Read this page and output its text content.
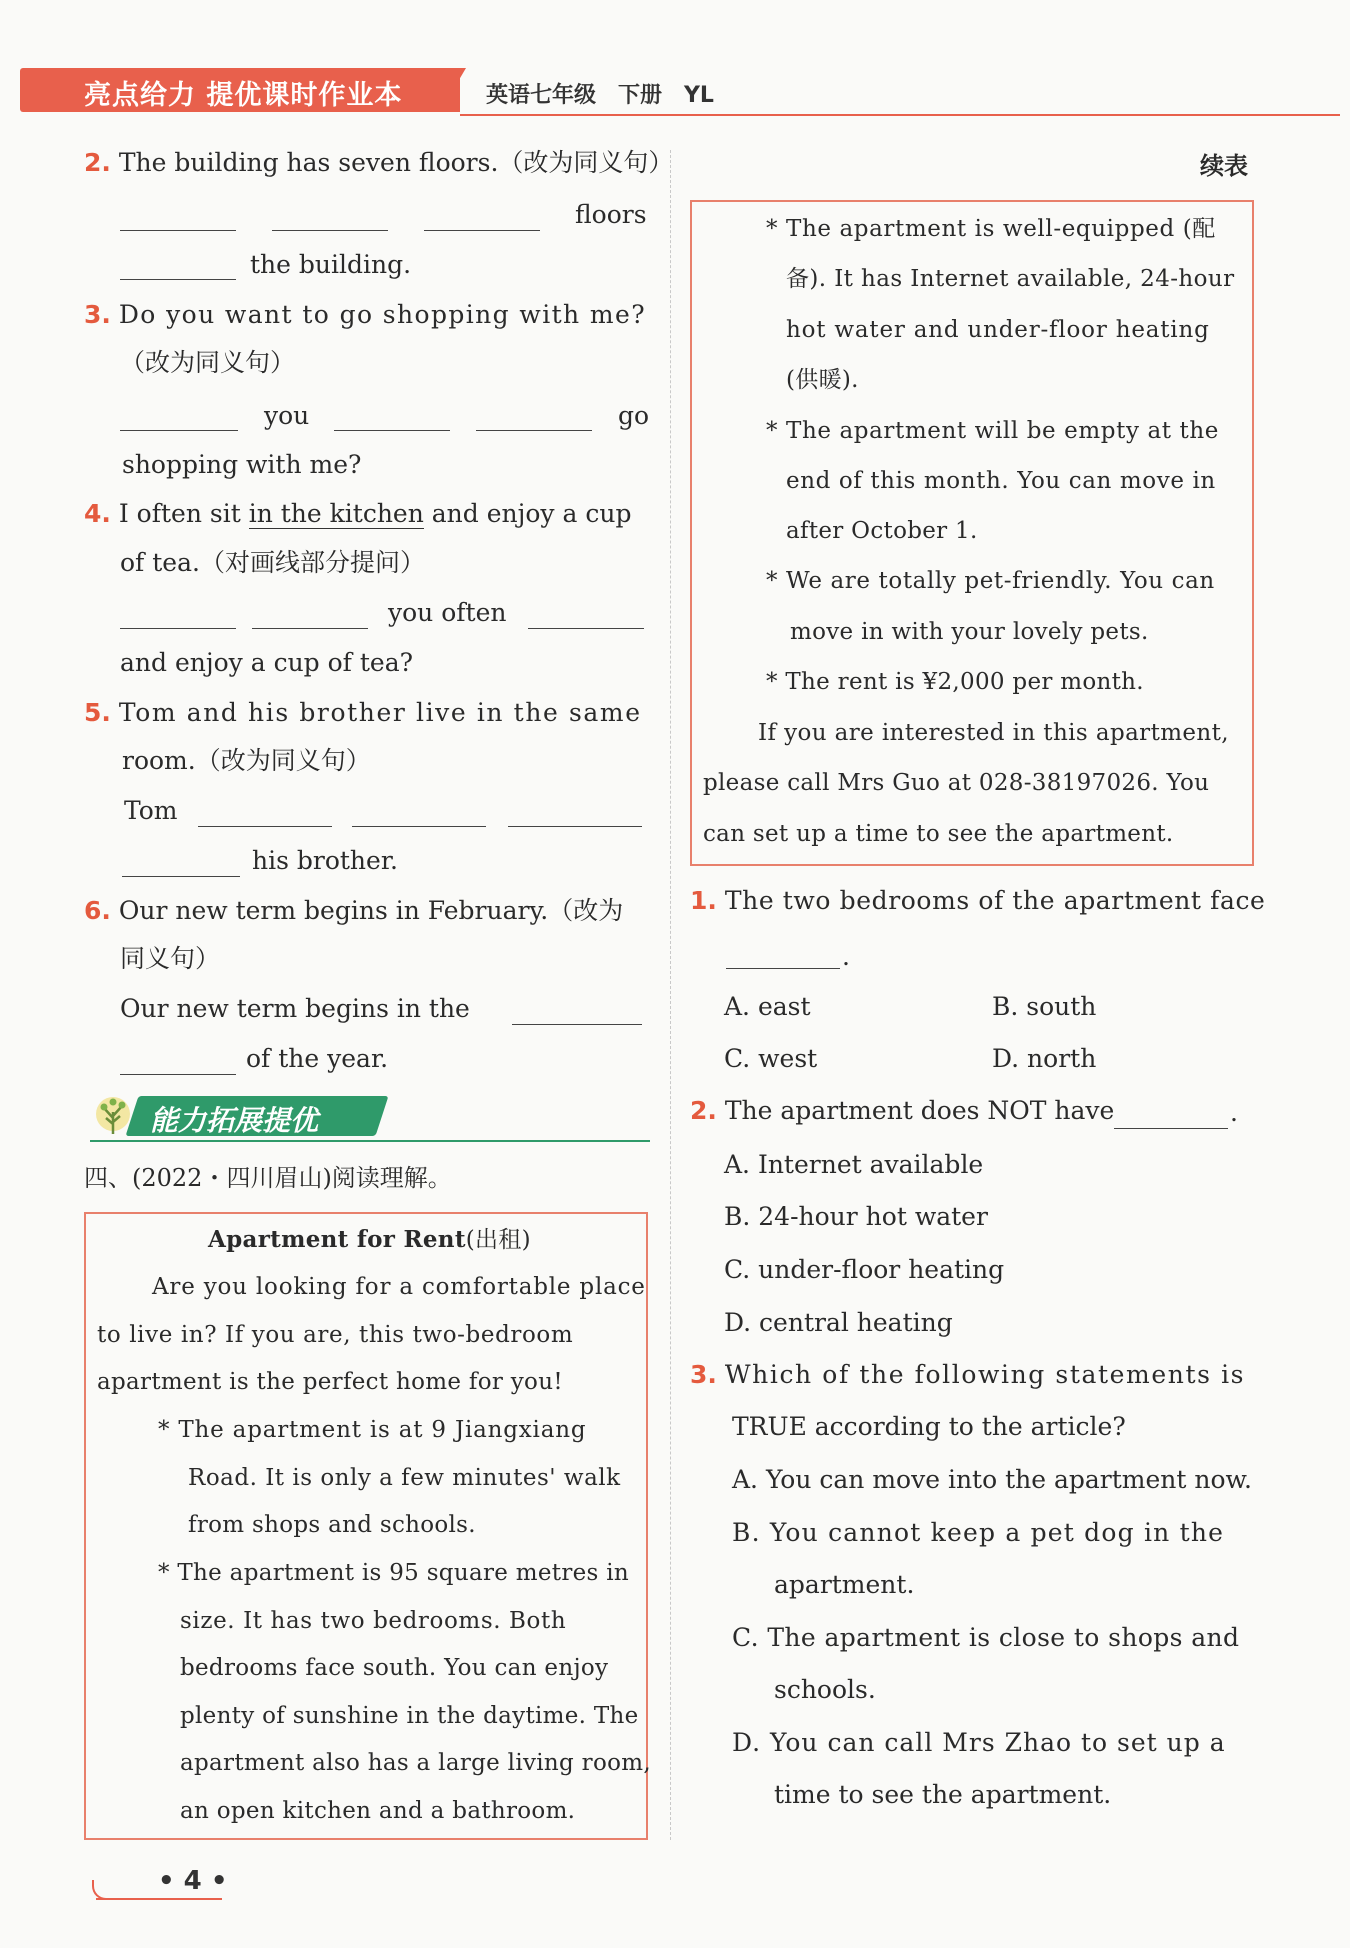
亮点给力 提优课时作业本	英语七年级　下册　YL
2. The building has seven floors.（改为同义句）
floors
the building.
3. Do you want to go shopping with me?
（改为同义句）
you	go
shopping with me?
4. I often sit in the kitchen and enjoy a cup
of tea.（对画线部分提问）
you often
and enjoy a cup of tea?
5. Tom and his brother live in the same
room.（改为同义句）
Tom
his brother.
6. Our new term begins in February.（改为
同义句）
Our new term begins in the
of the year.
能力拓展提优
四、(2022・四川眉山)阅读理解。
Apartment for Rent(出租)
Are you looking for a comfortable place
to live in? If you are, this two-bedroom
apartment is the perfect home for you!
* The apartment is at 9 Jiangxiang
Road. It is only a few minutes' walk
from shops and schools.
* The apartment is 95 square metres in
size. It has two bedrooms. Both
bedrooms face south. You can enjoy
plenty of sunshine in the daytime. The
apartment also has a large living room,
an open kitchen and a bathroom.
续表
* The apartment is well-equipped (配
备). It has Internet available, 24-hour
hot water and under-floor heating
(供暖).
* The apartment will be empty at the
end of this month. You can move in
after October 1.
* We are totally pet-friendly. You can
move in with your lovely pets.
* The rent is ¥2,000 per month.
If you are interested in this apartment,
please call Mrs Guo at 028-38197026. You
can set up a time to see the apartment.
1. The two bedrooms of the apartment face
.
A. east	B. south
C. west	D. north
2. The apartment does NOT have	.
A. Internet available
B. 24-hour hot water
C. under-floor heating
D. central heating
3. Which of the following statements is
TRUE according to the article?
A. You can move into the apartment now.
B. You cannot keep a pet dog in the
apartment.
C. The apartment is close to shops and
schools.
D. You can call Mrs Zhao to set up a
time to see the apartment.
• 4 •
